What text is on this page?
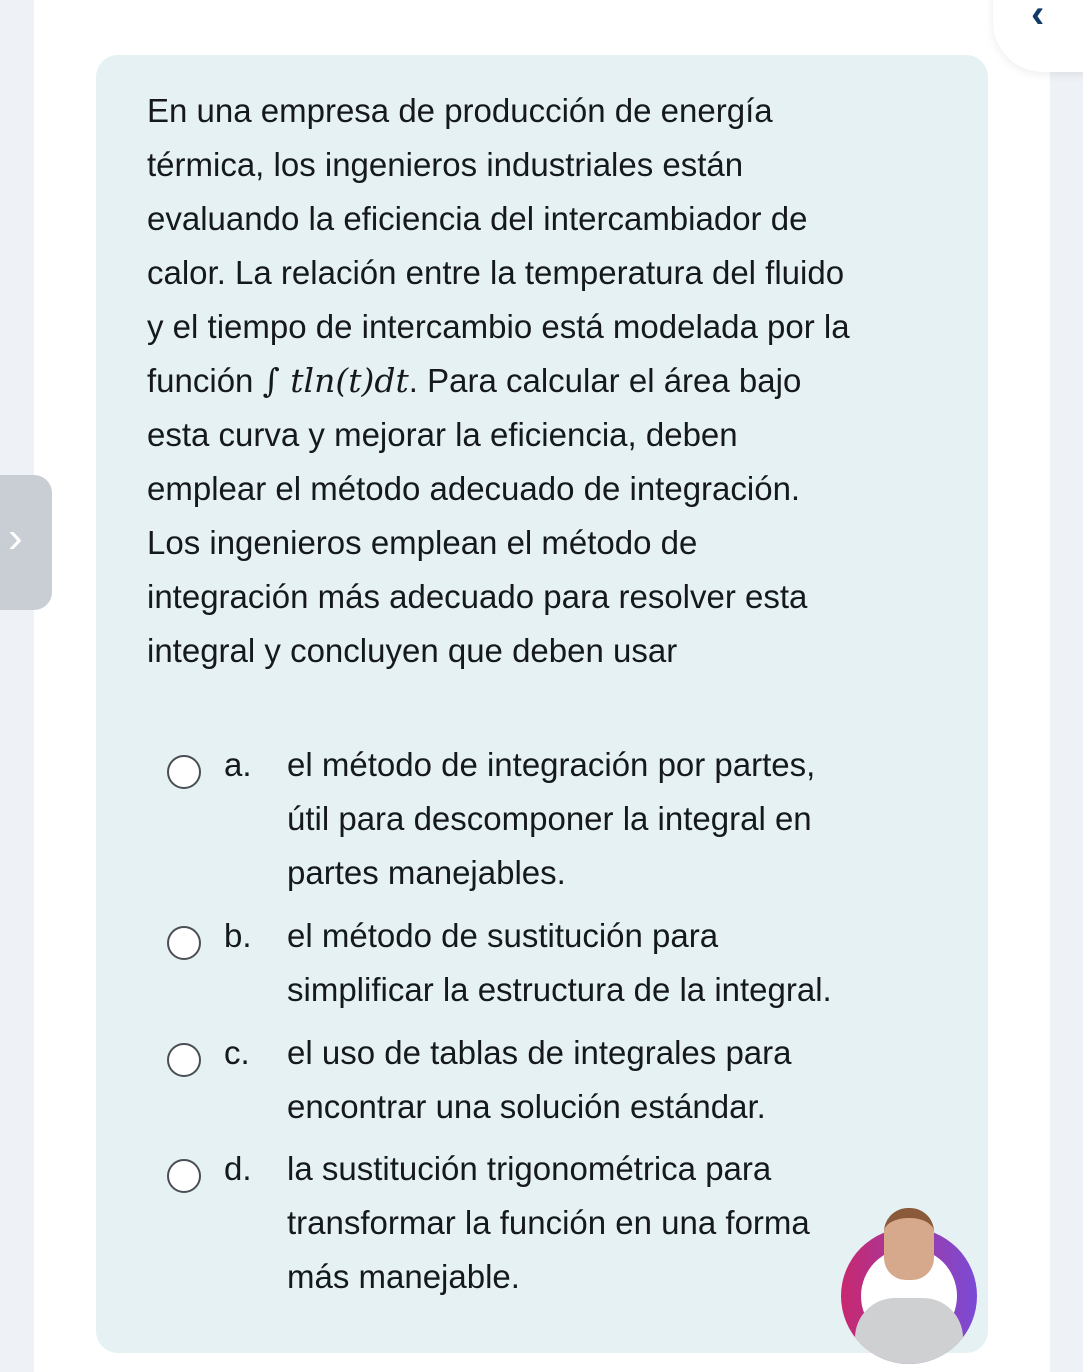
En una empresa de producción de energía
térmica, los ingenieros industriales están
evaluando la eficiencia del intercambiador de
calor. La relación entre la temperatura del fluido
y el tiempo de intercambio está modelada por la
función ∫ tln(t)dt. Para calcular el área bajo
esta curva y mejorar la eficiencia, deben
emplear el método adecuado de integración.
Los ingenieros emplean el método de
integración más adecuado para resolver esta
integral y concluyen que deben usar
a. el método de integración por partes,
útil para descomponer la integral en
partes manejables.
b. el método de sustitución para
simplificar la estructura de la integral.
c. el uso de tablas de integrales para
encontrar una solución estándar.
d. la sustitución trigonométrica para
transformar la función en una forma
más manejable.
›
‹
